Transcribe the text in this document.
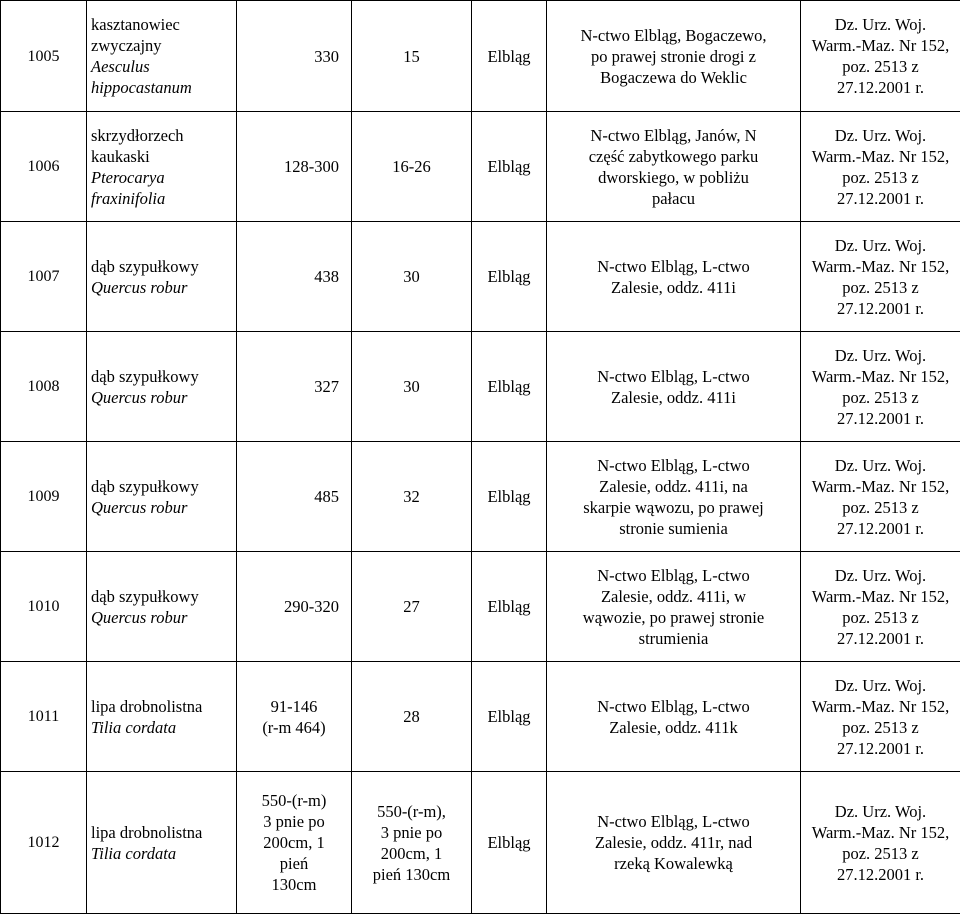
1005	kasztanowiec
zwyczajny
Aesculus
hippocastanum	330	15	Elbląg	N-ctwo Elbląg, Bogaczewo,
po prawej stronie drogi z
Bogaczewa do Weklic	Dz. Urz. Woj.
Warm.-Maz. Nr 152,
poz. 2513 z
27.12.2001 r.

1006	skrzydłorzech
kaukaski
Pterocarya
fraxinifolia	128-300	16-26	Elbląg	N-ctwo Elbląg, Janów, N
część zabytkowego parku
dworskiego, w pobliżu
pałacu	Dz. Urz. Woj.
Warm.-Maz. Nr 152,
poz. 2513 z
27.12.2001 r.

1007	dąb szypułkowy
Quercus robur	438	30	Elbląg	N-ctwo Elbląg, L-ctwo
Zalesie, oddz. 411i	Dz. Urz. Woj.
Warm.-Maz. Nr 152,
poz. 2513 z
27.12.2001 r.

1008	dąb szypułkowy
Quercus robur	327	30	Elbląg	N-ctwo Elbląg, L-ctwo
Zalesie, oddz. 411i	Dz. Urz. Woj.
Warm.-Maz. Nr 152,
poz. 2513 z
27.12.2001 r.

1009	dąb szypułkowy
Quercus robur	485	32	Elbląg	N-ctwo Elbląg, L-ctwo
Zalesie, oddz. 411i, na
skarpie wąwozu, po prawej
stronie sumienia	Dz. Urz. Woj.
Warm.-Maz. Nr 152,
poz. 2513 z
27.12.2001 r.

1010	dąb szypułkowy
Quercus robur	290-320	27	Elbląg	N-ctwo Elbląg, L-ctwo
Zalesie, oddz. 411i, w
wąwozie, po prawej stronie
strumienia	Dz. Urz. Woj.
Warm.-Maz. Nr 152,
poz. 2513 z
27.12.2001 r.

1011	lipa drobnolistna
Tilia cordata	91-146
(r-m 464)	28	Elbląg	N-ctwo Elbląg, L-ctwo
Zalesie, oddz. 411k	Dz. Urz. Woj.
Warm.-Maz. Nr 152,
poz. 2513 z
27.12.2001 r.

1012	lipa drobnolistna
Tilia cordata	550-(r-m)
3 pnie po
200cm, 1
pień
130cm	550-(r-m),
3 pnie po
200cm, 1
pień 130cm	Elbląg	N-ctwo Elbląg, L-ctwo
Zalesie, oddz. 411r, nad
rzeką Kowalewką	Dz. Urz. Woj.
Warm.-Maz. Nr 152,
poz. 2513 z
27.12.2001 r.
